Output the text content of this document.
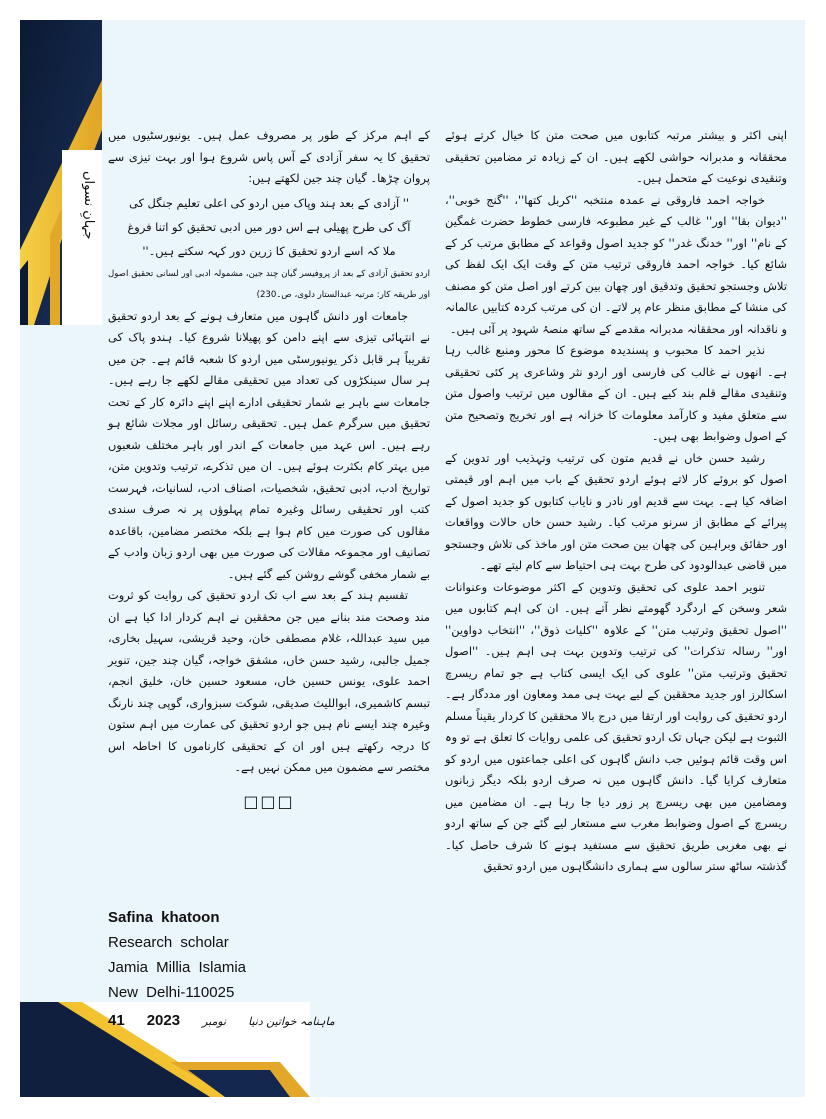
جہانِ نسواں

اپنی اکثر و بیشتر مرتبہ کتابوں میں صحت متن کا خیال کرتے ہوئے محققانہ و مدبرانہ حواشی لکھے ہیں۔ ان کے زیادہ تر مضامین تحقیقی وتنقیدی نوعیت کے متحمل ہیں۔

خواجہ احمد فاروقی نے عمدہ منتخبہ ''کربل کتھا''، ''گنج خوبی''، ''دیوان بقا'' اور'' غالب کے غیر مطبوعہ فارسی خطوط حضرت غمگین کے نام'' اور'' خدنگ غدر'' کو جدید اصول وقواعد کے مطابق مرتب کر کے شائع کیا۔ خواجہ احمد فاروقی ترتیب متن کے وقت ایک ایک لفظ کی تلاش وجستجو تحقیق وتدقیق اور چھان بین کرتے اور اصل متن کو مصنف کی منشا کے مطابق منظر عام پر لاتے۔ ان کی مرتب کردہ کتابیں عالمانہ و ناقدانہ اور محققانہ مدبرانہ مقدمے کے ساتھ منصۂ شہود پر آئی ہیں۔

نذیر احمد کا محبوب و پسندیدہ موضوع کا محور ومنبع غالب رہا ہے۔ انھوں نے غالب کی فارسی اور اردو نثر وشاعری پر کئی تحقیقی وتنقیدی مقالے قلم بند کیے ہیں۔ ان کے مقالوں میں ترتیب واصول متن سے متعلق مفید و کارآمد معلومات کا خزانہ ہے اور تخریج وتصحیح متن کے اصول وضوابط بھی ہیں۔

رشید حسن خاں نے قدیم متون کی ترتیب وتہذیب اور تدوین کے اصول کو بروئے کار لاتے ہوئے اردو تحقیق کے باب میں اہم اور قیمتی اضافہ کیا ہے۔ بہت سے قدیم اور نادر و نایاب کتابوں کو جدید اصول کے پیرائے کے مطابق از سرنو مرتب کیا۔ رشید حسن خاں حالات وواقعات اور حقائق وبراہین کی چھان بین صحت متن اور ماخذ کی تلاش وجستجو میں قاضی عبدالودود کی طرح بہت ہی احتیاط سے کام لیتے تھے۔

تنویر احمد علوی کی تحقیق وتدوین کے اکثر موضوعات وعنوانات شعر وسخن کے اردگرد گھومتے نظر آتے ہیں۔ ان کی اہم کتابوں میں ''اصول تحقیق وترتیب متن'' کے علاوہ ''کلیات ذوق''، ''انتخاب دواوین'' اور'' رسالہ تذکرات'' کی ترتیب وتدوین بہت ہی اہم ہیں۔ ''اصول تحقیق وترتیب متن'' علوی کی ایک ایسی کتاب ہے جو تمام ریسرچ اسکالرز اور جدید محققین کے لیے بہت ہی ممد ومعاون اور مددگار ہے۔ اردو تحقیق کی روایت اور ارتقا میں درج بالا محققین کا کردار یقیناً مسلم الثبوت ہے لیکن جہاں تک اردو تحقیق کی علمی روایات کا تعلق ہے تو وہ اس وقت قائم ہوئیں جب دانش گاہوں کی اعلی جماعتوں میں اردو کو متعارف کرایا گیا۔ دانش گاہوں میں نہ صرف اردو بلکہ دیگر زبانوں ومضامین میں بھی ریسرچ پر زور دیا جا رہا ہے۔ ان مضامین میں ریسرچ کے اصول وضوابط مغرب سے مستعار لیے گئے جن کے ساتھ اردو نے بھی مغربی طریق تحقیق سے مستفید ہونے کا شرف حاصل کیا۔ گذشتہ ساٹھ ستر سالوں سے ہماری دانشگاہوں میں اردو تحقیق

کے اہم مرکز کے طور پر مصروف عمل ہیں۔ یونیورسٹیوں میں تحقیق کا یہ سفر آزادی کے آس پاس شروع ہوا اور بہت تیزی سے پروان چڑھا۔ گیان چند جین لکھتے ہیں:

'' آزادی کے بعد ہند وپاک میں اردو کی اعلی تعلیم جنگل کی

آگ کی طرح پھیلی ہے اس دور میں ادبی تحقیق کو اتنا فروغ

ملا کہ اسے اردو تحقیق کا زرین دور کہہ سکتے ہیں۔''

اردو تحقیق آزادی کے بعد از پروفیسر گیان چند جین، مشمولہ ادبی اور لسانی تحقیق اصول اور طریقہ کار: مرتبہ عبدالستار دلوی، ص۔230)

جامعات اور دانش گاہوں میں متعارف ہونے کے بعد اردو تحقیق نے انتہائی تیزی سے اپنے دامن کو پھیلانا شروع کیا۔ ہندو پاک کی تقریباً ہر قابل ذکر یونیورسٹی میں اردو کا شعبہ قائم ہے۔ جن میں ہر سال سینکڑوں کی تعداد میں تحقیقی مقالے لکھے جا رہے ہیں۔ جامعات سے باہر بے شمار تحقیقی ادارے اپنے اپنے دائرہ کار کے تحت تحقیق میں سرگرم عمل ہیں۔ تحقیقی رسائل اور مجلات شائع ہو رہے ہیں۔ اس عہد میں جامعات کے اندر اور باہر مختلف شعبوں میں بہتر کام بکثرت ہوئے ہیں۔ ان میں تذکرے، ترتیب وتدوین متن، تواریخ ادب، ادبی تحقیق، شخصیات، اصناف ادب، لسانیات، فہرست کتب اور تحقیقی رسائل وغیرہ تمام پہلوؤں پر نہ صرف سندی مقالوں کی صورت میں کام ہوا ہے بلکہ مختصر مضامین، باقاعدہ تصانیف اور مجموعہ مقالات کی صورت میں بھی اردو زبان وادب کے بے شمار مخفی گوشے روشن کیے گئے ہیں۔

تقسیم ہند کے بعد سے اب تک اردو تحقیق کی روایت کو ثروت مند وصحت مند بنانے میں جن محققین نے اہم کردار ادا کیا ہے ان میں سید عبداللہ، غلام مصطفی خان، وحید قریشی، سہیل بخاری، جمیل جالبی، رشید حسن خاں، مشفق خواجہ، گیان چند جین، تنویر احمد علوی، یونس حسین خاں، مسعود حسین خان، خلیق انجم، تبسم کاشمیری، ابواللیث صدیقی، شوکت سبزواری، گوپی چند نارنگ وغیرہ چند ایسے نام ہیں جو اردو تحقیق کی عمارت میں اہم ستون کا درجہ رکھتے ہیں اور ان کے تحقیقی کارناموں کا احاطہ اس مختصر سے مضمون میں ممکن نہیں ہے۔

□□□

Safina khatoon
Research scholar
Jamia Millia Islamia
New Delhi-110025
41 2023 نومبر ماہنامہ خواتین دنیا
